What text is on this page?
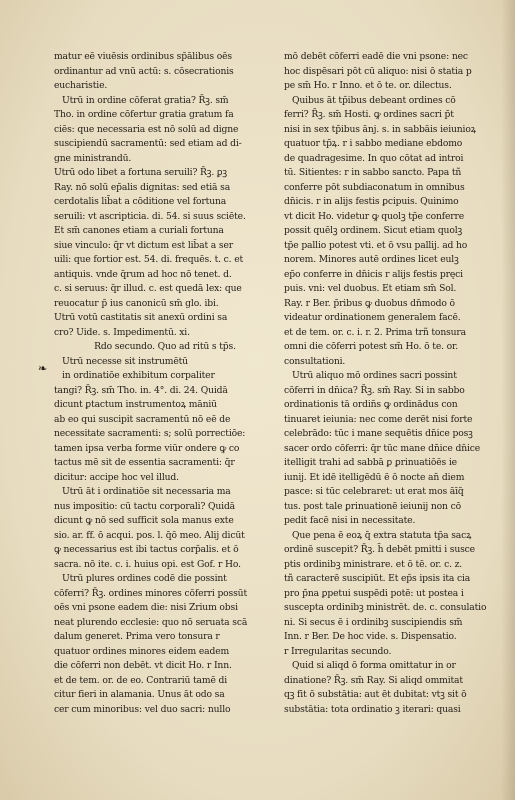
❧
matur eē viuēsis ordinibus sp̄ālibus oēs
ordinantur ad vnū actū: s. cōsecrationis
eucharistie.
Utrū in ordine cōferat gratia? R̄ꝫ. sm̄
Tho. in ordine cōfertur gratia gratum fa
ciēs: que necessaria est nō solū ad digne
suscipiendū sacramentū: sed etiam ad di-
gne ministrandū.
Utrū odo libet a fortuna seruili? R̄ꝫ. ꝑꝫ
Ray. nō solū ep̄alis dignitas: sed etiā sa
cerdotalis lib̄at a cōditione vel fortuna
seruili: vt ascripticia. di. 54. si suus sciēte.
Et sm̄ canones etiam a curiali fortuna
siue vinculo: q̄r vt dictum est lib̄at a ser
uili: que fortior est. 54. di. frequēs. t. c. et
antiquis. vnde q̄rum ad hoc nō tenet. d.
c. si seruus: q̄r illud. c. est quedā lex: que
reuocatur p̄ ius canonicū sm̄ glo. ibi.
Utrū votū castitatis sit anexū ordini sa
cro? Uide. s. Impedimentū. xi.
Rdo secundo. Quo ad ritū s tp̄s.
Utrū necesse sit instrumētū
in ordinatiōe exhibitum corpaliter
tangi? R̄ꝫ. sm̄ Tho. in. 4°. di. 24. Quidā
dicunt ꝑtactum instrumentoꝝ māniū
ab eo qui suscipit sacramentū nō eē de
necessitate sacramenti: s; solū porrectiōe:
tamen ipsa verba forme viūr ondere ꝙ co
tactus mē sit de essentia sacramenti: q̄r
dicitur: accipe hoc vel illud.
Utrū āt i ordinatiōe sit necessaria ma
nus impositio: cū tactu corporali? Quidā
dicunt ꝙ nō sed sufficit sola manus exte
sio. ar. ff. ō acqui. pos. l. q̄ō meo. Alij dicūt
ꝙ necessarius est ibi tactus corp̄alis. et ō
sacra. nō ite. c. i. huius opi. est Gof. r Ho.
Utrū plures ordines codē die possint
cōferri? R̄ꝫ. ordines minores cōferri possūt
oēs vni psone eadem die: nisi Zrium obsi
neat plurendo ecclesie: quo nō seruata scā
dalum generet. Prima vero tonsura r
quatuor ordines minores eidem eadem
die cōferri non debēt. vt dicit Ho. r Inn.
et de tem. or. de eo. Contrariū tamē di
citur fieri in alamania. Unus āt odo sa
cer cum minoribus: vel duo sacri: nullo
mō debēt cōferri eadē die vni psone: nec
hoc dispēsari pōt cū aliquo: nisi ō statia p
pe sm̄ Ho. r Inno. et ō te. or. dilectus.
Quibus āt tp̄ibus debeant ordines cō
ferri? R̄ꝫ. sm̄ Hosti. ꝙ ordines sacri p̄t
nisi in sex tp̄ibus ānj. s. in sabbāis ieiunioꝝ
quatuor tp̄ꝝ. r i sabbo mediane ebdomo
de quadragesime. In quo cōtat ad introi
tū. Sitientes: r in sabbo sancto. Papa tñ
conferre pōt subdiaconatum in omnibus
dn̄icis. r in alijs festis ꝑcipuis. Quinimo
vt dicit Ho. videtur ꝙ quolꝫ tp̄e conferre
possit quēlꝫ ordinem. Sicut etiam quolꝫ
tp̄e pallio potest vti. et ō vsu pallij. ad ho
norem. Minores autē ordines licet eulꝫ
ep̄o conferre in dn̄icis r alijs festis pręci
puis. vni: vel duobus. Et etiam sm̄ Sol.
Ray. r Ber. p̄ribus ꝙ duobus dn̄modo ō
videatur ordinationem generalem facē.
et de tem. or. c. i. r. 2. Prima trñ tonsura
omni die cōferri potest sm̄ Ho. ō te. or.
consultationi.
Utrū aliquo mō ordines sacri possint
cōferri in dn̄ica? R̄ꝫ. sm̄ Ray. Si in sabbo
ordinationis tā ordin̄s ꝙ ordinādus con
tinuaret ieiunia: nec come derēt nisi forte
celebrādo: tūc i mane sequētis dn̄ice posꝫ
sacer ordo cōferri: q̄r tūc mane dn̄ice dn̄ice
itelligit trahi ad sabbā ꝑ ꝑrinuatiōēs ie
iunij. Et idē itelligēdū ē ō nocte an̄ diem
pasce: si tūc celebraret: ut erat mos āīq̄
tus. post tale ꝑrinuationē ieiunij non cō
pedit facē nisi in necessitate.
Que pena ē eoꝝ q̄ extra statuta tp̄a sacꝝ
ordinē suscepit? R̄ꝫ. h̄ debēt pmitti i susce
ptis ordinibꝫ ministrare. et ō tē. or. c. z.
tñ caracterē suscipiūt. Et ep̄s ipsis ita cia
pro p̄na ꝑpetui suspēdi potē: ut postea i
suscepta ordinibꝫ ministrēt. de. c. consulatio
ni. Si secus ē i ordinibꝫ suscipiendis sm̄
Inn. r Ber. De hoc vide. s. Dispensatio.
r Irregularitas secundo.
Quid si aliqd ō forma omittatur in or
dinatione? R̄ꝫ. sm̄ Ray. Si aliqd ommitat
qꝫ fit ō substātia: aut ēt dubitat: vtꝫ sit ō
substātia: tota ordinatio ꝫ iterari: quasi
